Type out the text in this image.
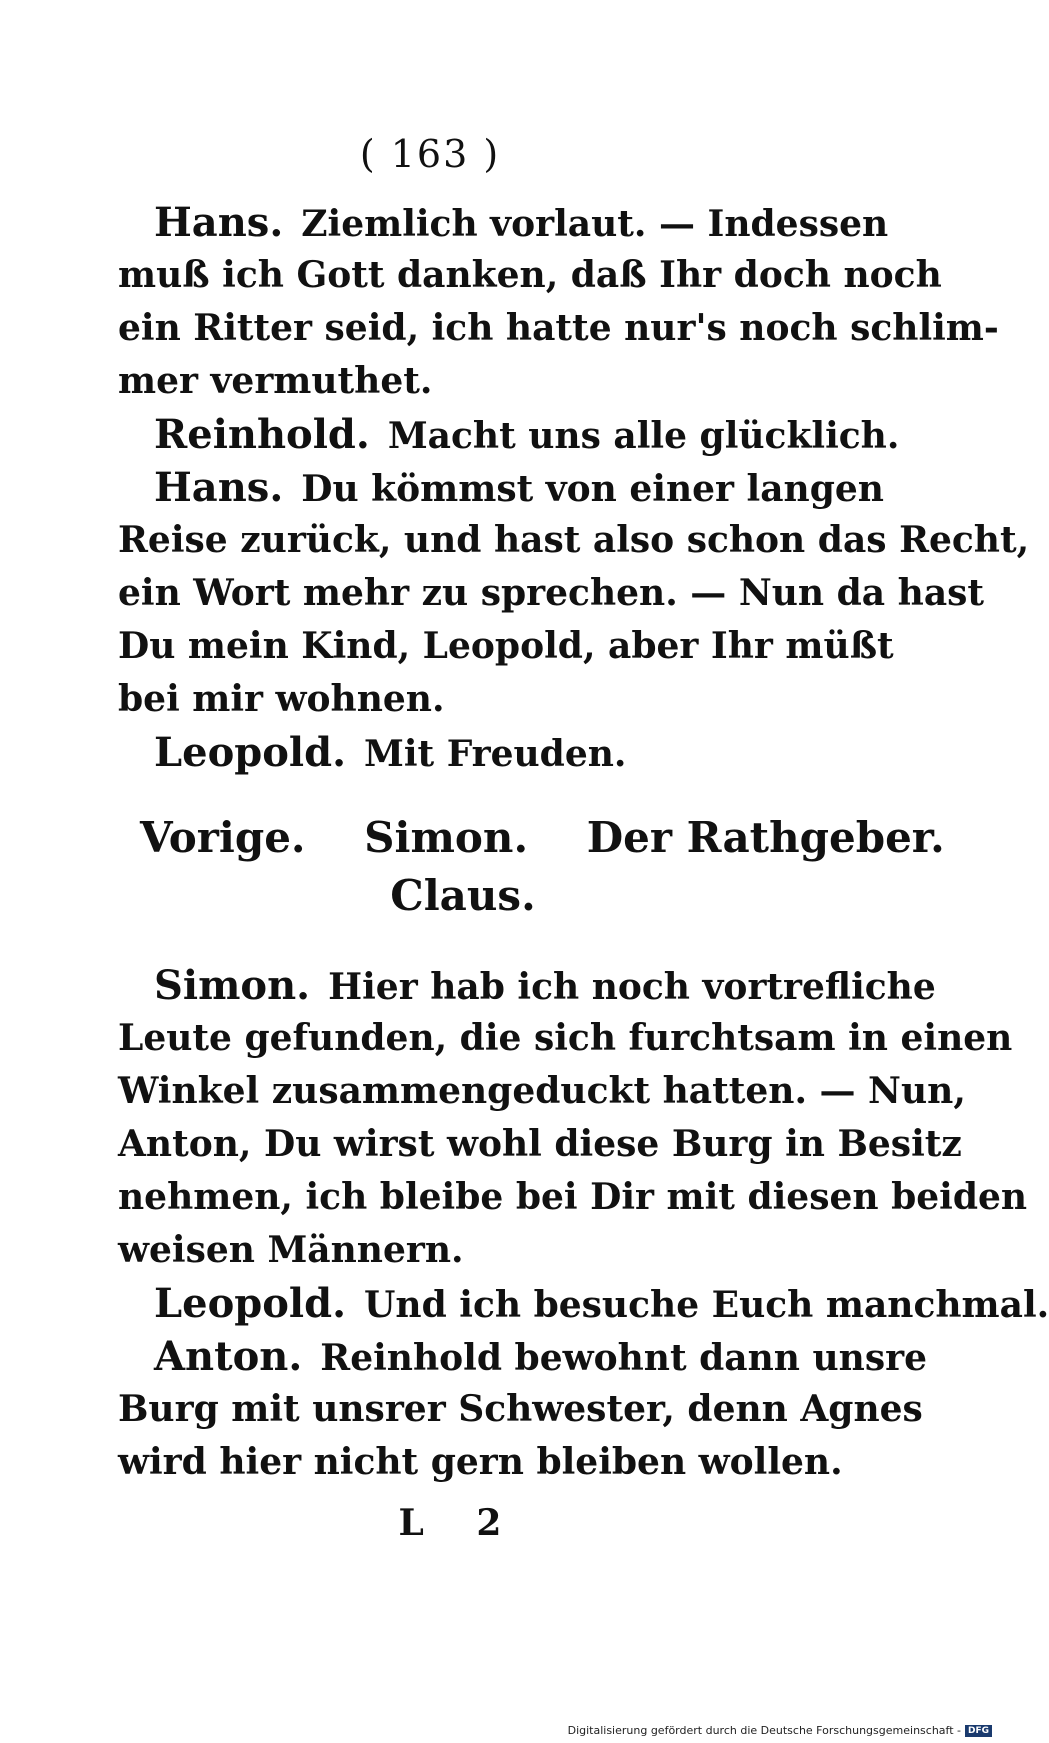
( 163 )
Hans. Ziemlich vorlaut. — Indessen
muß ich Gott danken, daß Ihr doch noch
ein Ritter seid, ich hatte nur's noch schlim-
mer vermuthet.
Reinhold. Macht uns alle glücklich.
Hans. Du kömmst von einer langen
Reise zurück, und hast also schon das Recht,
ein Wort mehr zu sprechen. — Nun da hast
Du mein Kind, Leopold, aber Ihr müßt
bei mir wohnen.
Leopold. Mit Freuden.
Vorige. Simon. Der Rathgeber.
Claus.
Simon. Hier hab ich noch vortrefliche
Leute gefunden, die sich furchtsam in einen
Winkel zusammengeduckt hatten. — Nun,
Anton, Du wirst wohl diese Burg in Besitz
nehmen, ich bleibe bei Dir mit diesen beiden
weisen Männern.
Leopold. Und ich besuche Euch manchmal.
Anton. Reinhold bewohnt dann unsre
Burg mit unsrer Schwester, denn Agnes
wird hier nicht gern bleiben wollen.
L 2
Digitalisierung gefördert durch die Deutsche Forschungsgemeinschaft - DFG
